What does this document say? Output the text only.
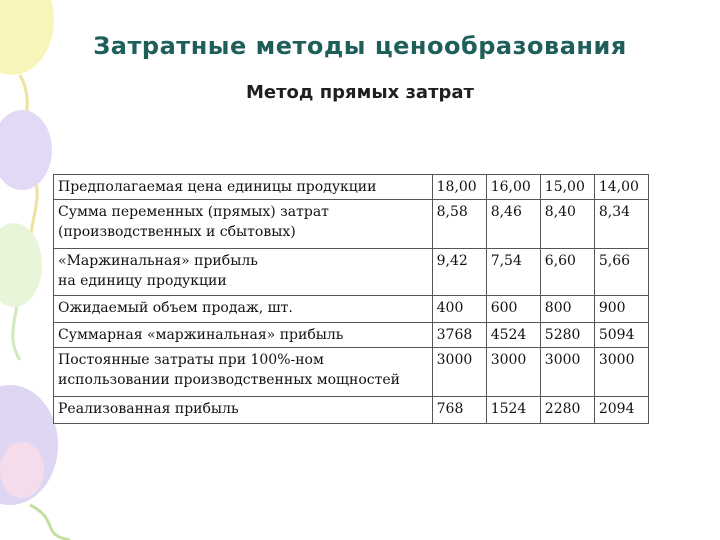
Затратные методы ценообразования
Метод прямых затрат
Предполагаемая цена единицы продукции	18,00	16,00	15,00	14,00
Сумма переменных (прямых) затрат
(производственных и сбытовых)	8,58	8,46	8,40	8,34
«Маржинальная» прибыль
на единицу продукции	9,42	7,54	6,60	5,66
Ожидаемый объем продаж, шт.	400	600	800	900
Суммарная «маржинальная» прибыль	3768	4524	5280	5094
Постоянные затраты при 100%-ном
использовании производственных мощностей	3000	3000	3000	3000
Реализованная прибыль	768	1524	2280	2094
